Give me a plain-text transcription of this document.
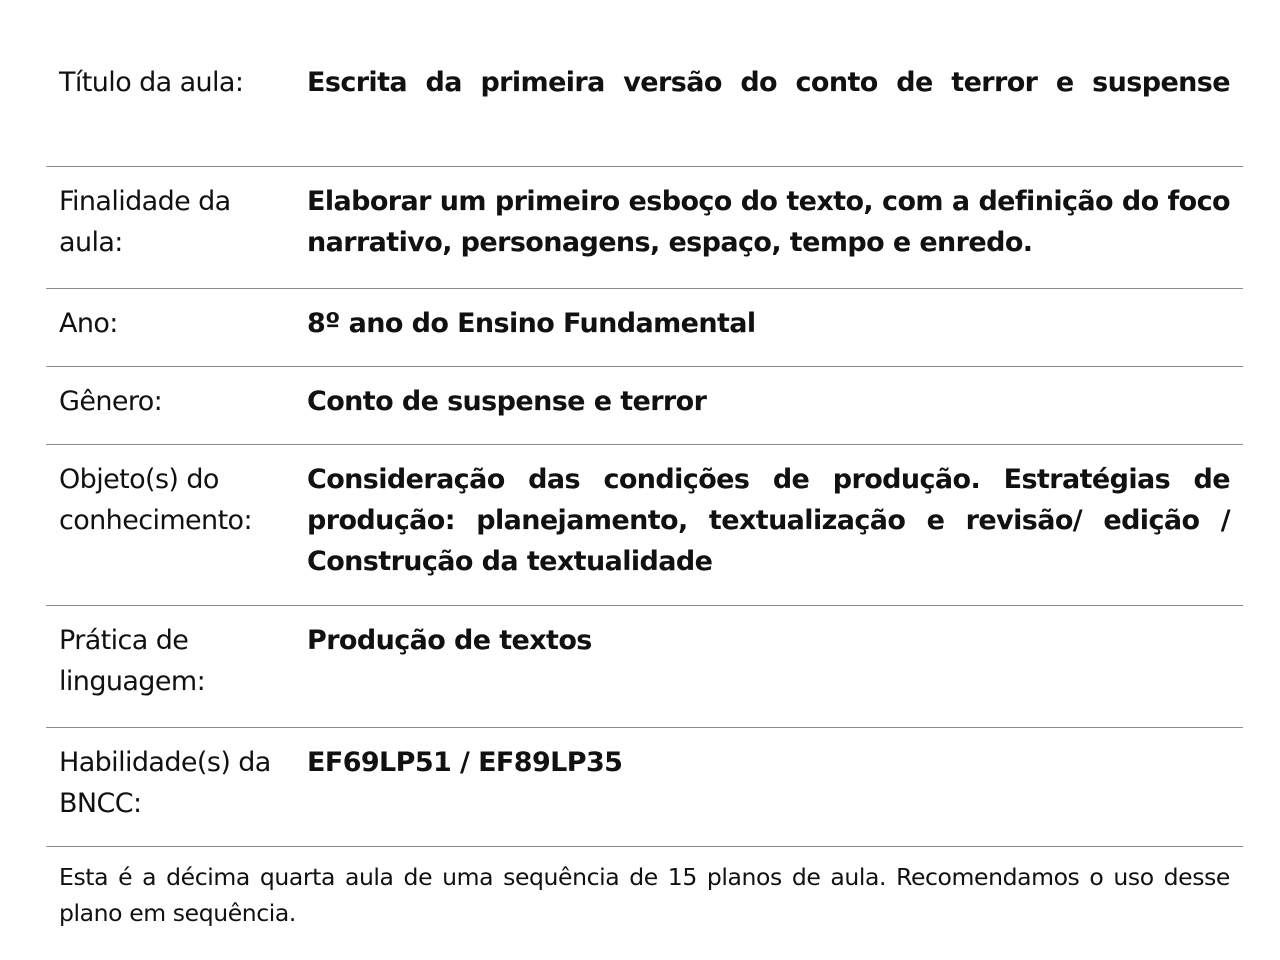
Título da aula:	Escrita da primeira versão do conto de terror e suspense
Finalidade da aula:
Elaborar um primeiro esboço do texto, com a definição do foco narrativo, personagens, espaço, tempo e enredo.
Ano:	8º ano do Ensino Fundamental
Gênero:	Conto de suspense e terror
Objeto(s) do conhecimento:
Consideração das condições de produção. Estratégias de produção: planejamento, textualização e revisão/ edição / Construção da textualidade
Prática de linguagem:
Produção de textos
Habilidade(s) da BNCC:
EF69LP51 / EF89LP35
Esta é a décima quarta aula de uma sequência de 15 planos de aula. Recomendamos o uso desse plano em sequência.
